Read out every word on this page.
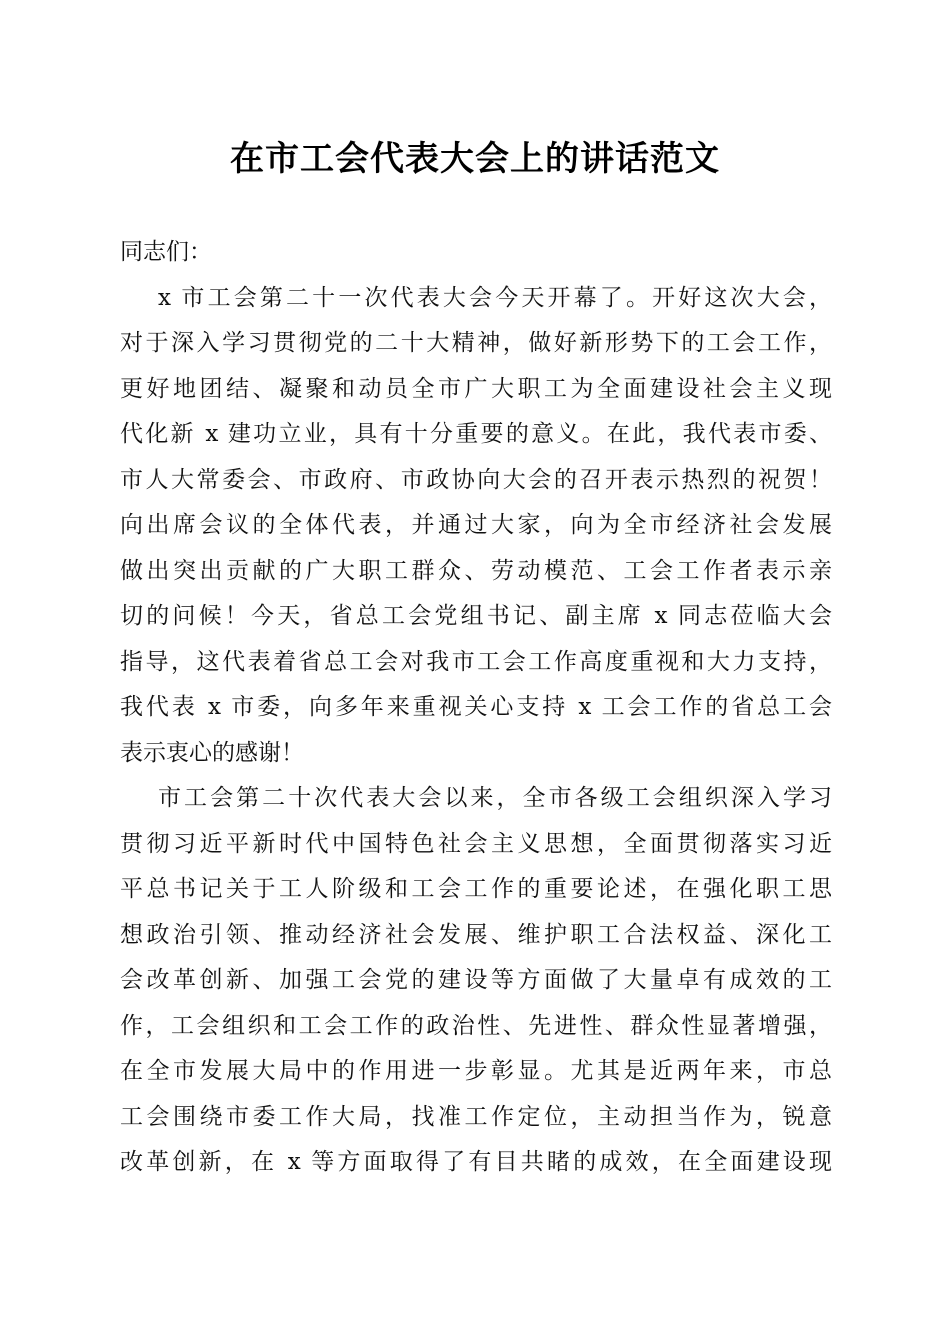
在市工会代表大会上的讲话范文
同志们：
x 市工会第二十一次代表大会今天开幕了。开好这次大会，
对于深入学习贯彻党的二十大精神，做好新形势下的工会工作，
更好地团结、凝聚和动员全市广大职工为全面建设社会主义现
代化新 x 建功立业，具有十分重要的意义。在此，我代表市委、
市人大常委会、市政府、市政协向大会的召开表示热烈的祝贺！
向出席会议的全体代表，并通过大家，向为全市经济社会发展
做出突出贡献的广大职工群众、劳动模范、工会工作者表示亲
切的问候！今天，省总工会党组书记、副主席 x 同志莅临大会
指导，这代表着省总工会对我市工会工作高度重视和大力支持，
我代表 x 市委，向多年来重视关心支持 x 工会工作的省总工会
表示衷心的感谢！
市工会第二十次代表大会以来，全市各级工会组织深入学习
贯彻习近平新时代中国特色社会主义思想，全面贯彻落实习近
平总书记关于工人阶级和工会工作的重要论述，在强化职工思
想政治引领、推动经济社会发展、维护职工合法权益、深化工
会改革创新、加强工会党的建设等方面做了大量卓有成效的工
作，工会组织和工会工作的政治性、先进性、群众性显著增强，
在全市发展大局中的作用进一步彰显。尤其是近两年来，市总
工会围绕市委工作大局，找准工作定位，主动担当作为，锐意
改革创新，在 x 等方面取得了有目共睹的成效，在全面建设现
